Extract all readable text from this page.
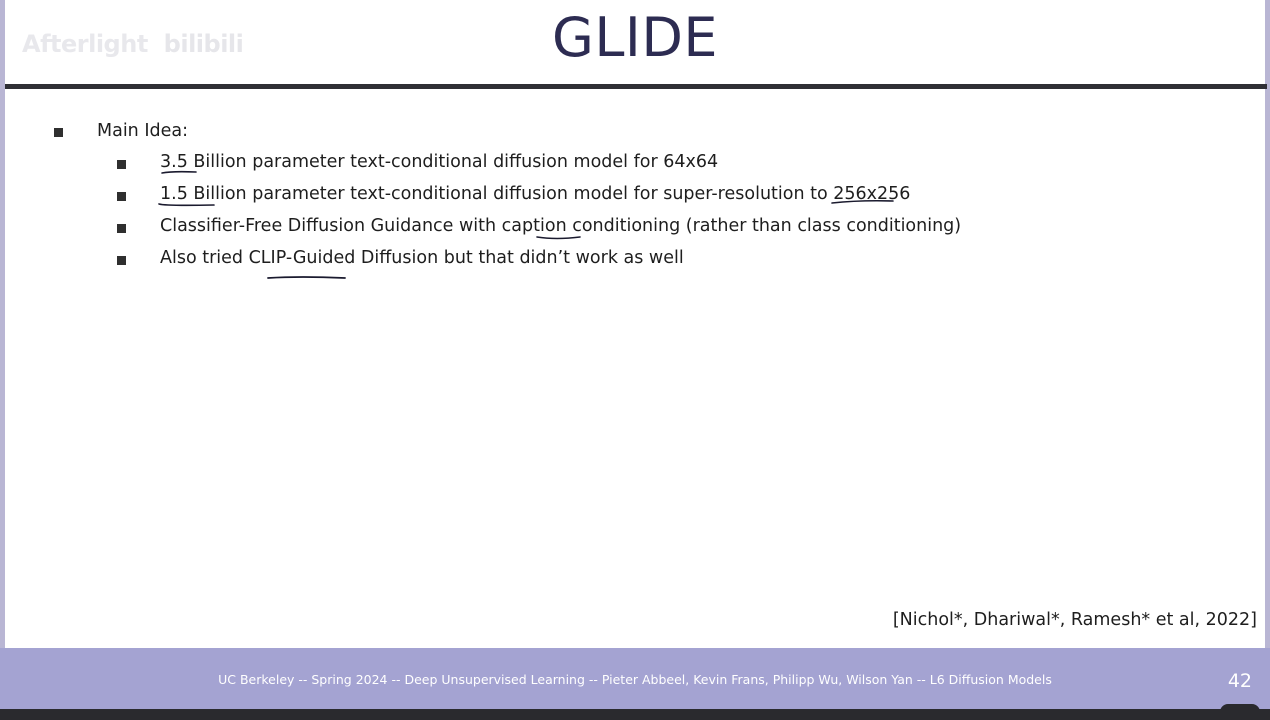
Afterlight bilibili	GLIDE
Main Idea:
3.5 Billion parameter text-conditional diffusion model for 64x64
1.5 Billion parameter text-conditional diffusion model for super-resolution to 256x256
Classifier-Free Diffusion Guidance with caption conditioning (rather than class conditioning)
Also tried CLIP-Guided Diffusion but that didn’t work as well
[Nichol*, Dhariwal*, Ramesh* et al, 2022]
UC Berkeley -- Spring 2024 -- Deep Unsupervised Learning -- Pieter Abbeel, Kevin Frans, Philipp Wu, Wilson Yan -- L6 Diffusion Models	42
